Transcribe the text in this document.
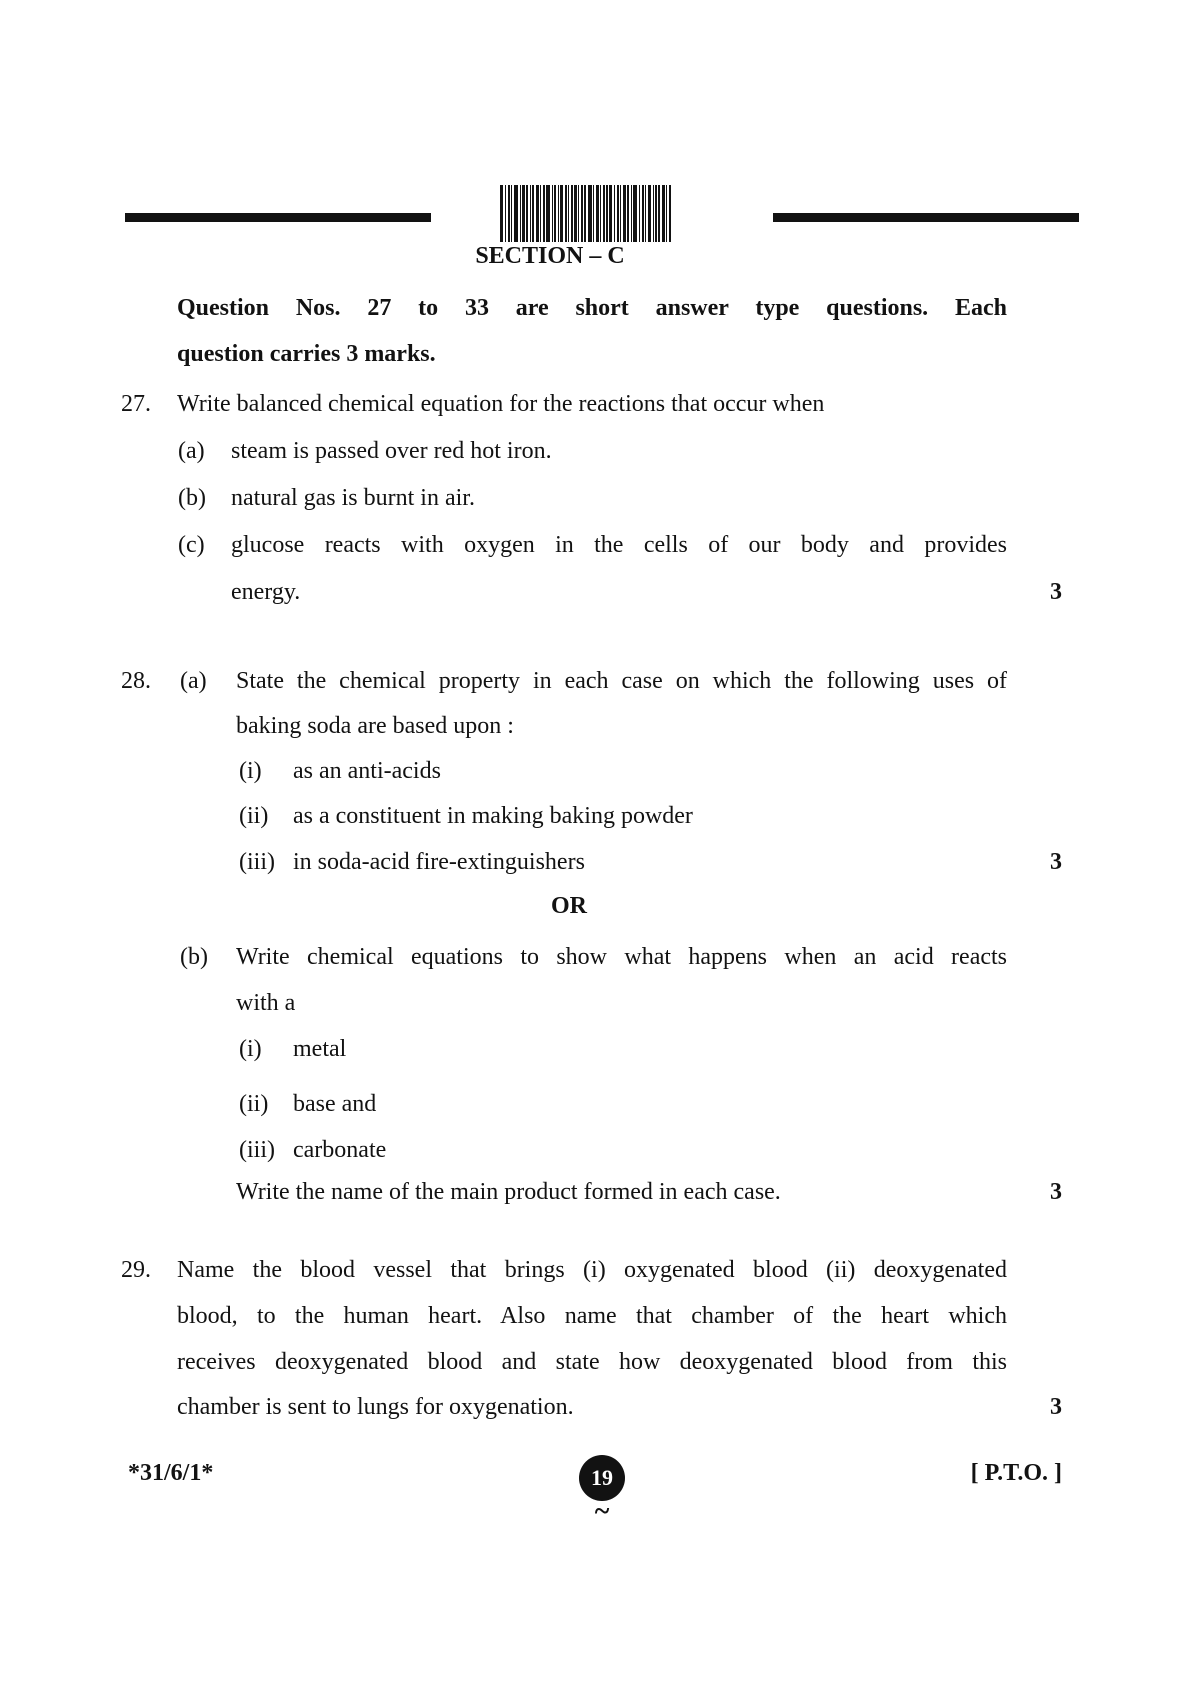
SECTION – C
Question Nos. 27 to 33 are short answer type questions. Each
question carries 3 marks.
27. Write balanced chemical equation for the reactions that occur when
(a) steam is passed over red hot iron.
(b) natural gas is burnt in air.
(c) glucose reacts with oxygen in the cells of our body and provides
energy.	3
28. (a) State the chemical property in each case on which the following uses of
baking soda are based upon :
(i) as an anti-acids
(ii) as a constituent in making baking powder
(iii) in soda-acid fire-extinguishers	3
OR
(b) Write chemical equations to show what happens when an acid reacts
with a
(i) metal
(ii) base and
(iii) carbonate
Write the name of the main product formed in each case.	3
29. Name the blood vessel that brings (i) oxygenated blood (ii) deoxygenated
blood, to the human heart. Also name that chamber of the heart which
receives deoxygenated blood and state how deoxygenated blood from this
chamber is sent to lungs for oxygenation.	3
*31/6/1*	19	[ P.T.O. ]
~
